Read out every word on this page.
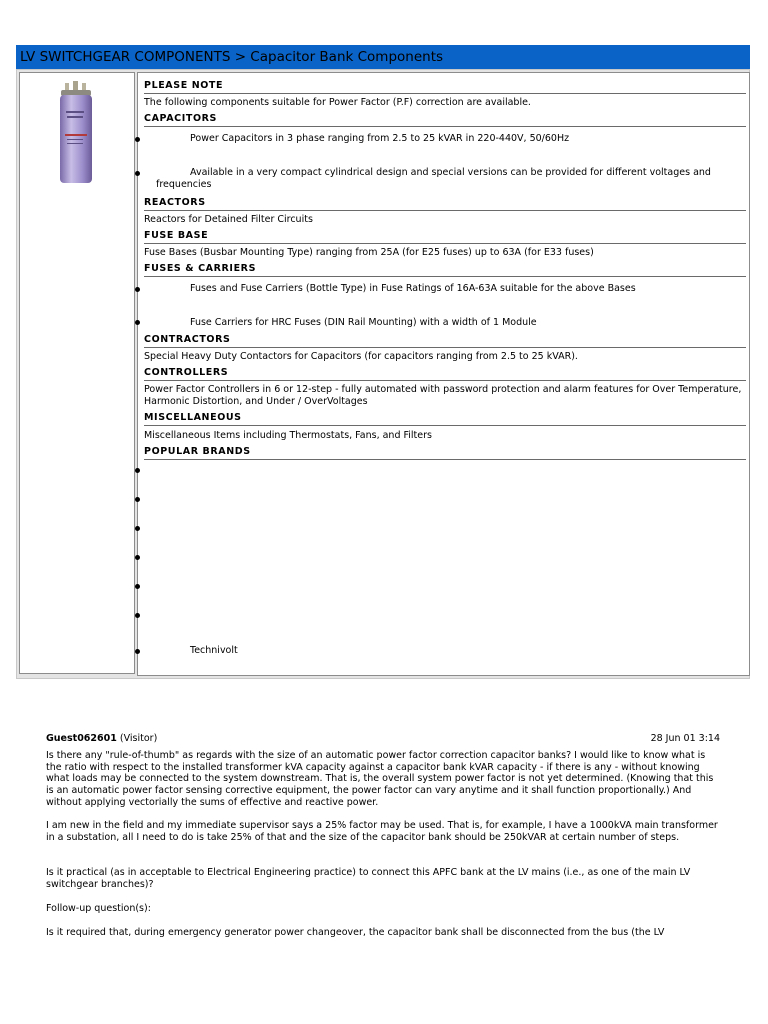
LV SWITCHGEAR COMPONENTS > Capacitor Bank Components
PLEASE NOTE
The following components suitable for Power Factor (P.F) correction are available.
CAPACITORS
Power Capacitors in 3 phase ranging from 2.5 to 25 kVAR in 220-440V, 50/60Hz
Available in a very compact cylindrical design and special versions can be provided for different voltages and frequencies
REACTORS
Reactors for Detained Filter Circuits
FUSE BASE
Fuse Bases (Busbar Mounting Type) ranging from 25A (for E25 fuses) up to 63A (for E33 fuses)
FUSES & CARRIERS
Fuses and Fuse Carriers (Bottle Type) in Fuse Ratings of 16A-63A suitable for the above Bases
Fuse Carriers for HRC Fuses (DIN Rail Mounting) with a width of 1 Module
CONTRACTORS
Special Heavy Duty Contactors for Capacitors (for capacitors ranging from 2.5 to 25 kVAR).
CONTROLLERS
Power Factor Controllers in 6 or 12-step - fully automated with password protection and alarm features for Over Temperature, Harmonic Distortion, and Under / OverVoltages
MISCELLANEOUS
Miscellaneous Items including Thermostats, Fans, and Filters
POPULAR BRANDS
Technivolt
Guest062601 (Visitor)	28 Jun 01 3:14
Is there any "rule-of-thumb" as regards with the size of an automatic power factor correction capacitor banks? I would like to know what is the ratio with respect to the installed transformer kVA capacity against a capacitor bank kVAR capacity - if there is any - without knowing what loads may be connected to the system downstream. That is, the overall system power factor is not yet determined. (Knowing that this is an automatic power factor sensing corrective equipment, the power factor can vary anytime and it shall function proportionally.) And without applying vectorially the sums of effective and reactive power.
I am new in the field and my immediate supervisor says a 25% factor may be used. That is, for example, I have a 1000kVA main transformer in a substation, all I need to do is take 25% of that and the size of the capacitor bank should be 250kVAR at certain number of steps.
Is it practical (as in acceptable to Electrical Engineering practice) to connect this APFC bank at the LV mains (i.e., as one of the main LV switchgear branches)?
Follow-up question(s):
Is it required that, during emergency generator power changeover, the capacitor bank shall be disconnected from the bus (the LV
